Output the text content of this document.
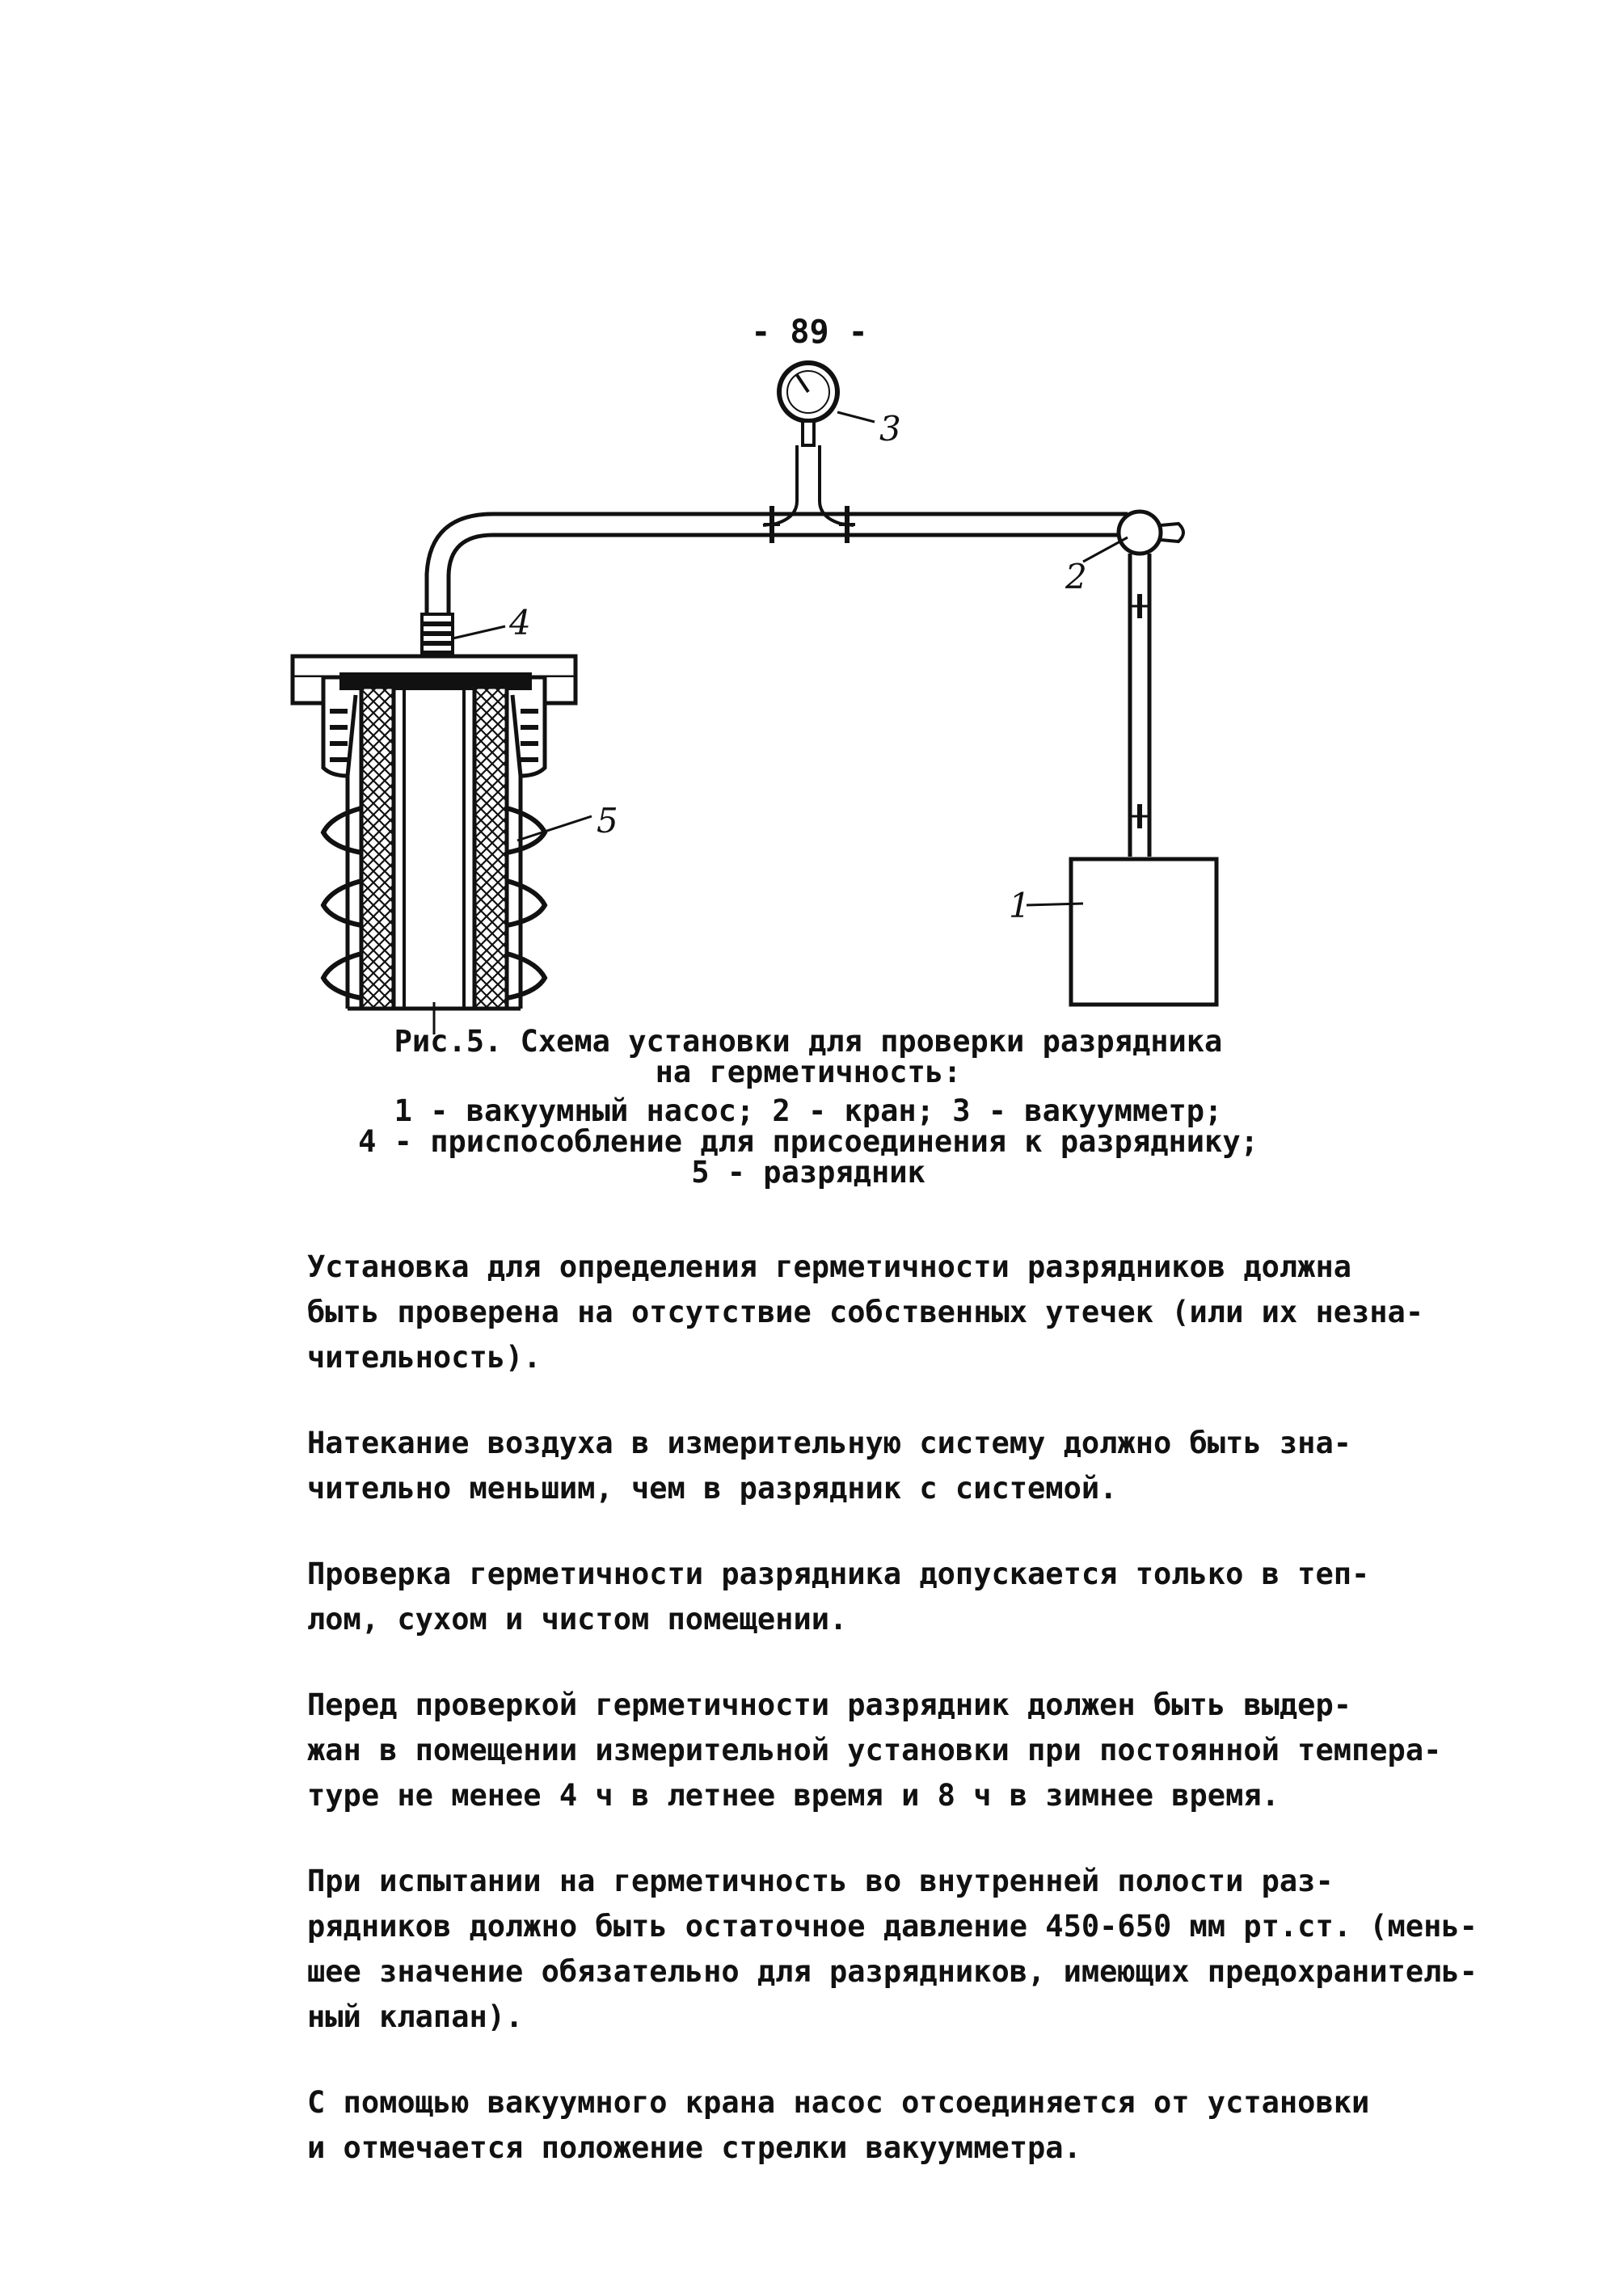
- 89 -
3
2
4
5
1
Рис.5. Схема установки для проверки разрядника
на герметичность:
1 - вакуумный насос; 2 - кран; 3 - вакуумметр;
4 - приспособление для присоединения к разряднику;
5 - разрядник

Установка для определения герметичности разрядников должна
быть проверена на отсутствие собственных утечек (или их незна-
чительность).

Натекание воздуха в измерительную систему должно быть зна-
чительно меньшим, чем в разрядник с системой.

Проверка герметичности разрядника допускается только в теп-
лом, сухом и чистом помещении.

Перед проверкой герметичности разрядник должен быть выдер-
жан в помещении измерительной установки при постоянной темпера-
туре не менее 4 ч в летнее время и 8 ч в зимнее время.

При испытании на герметичность во внутренней полости раз-
рядников должно быть остаточное давление 450-650 мм рт.ст. (мень-
шее значение обязательно для разрядников, имеющих предохранитель-
ный клапан).

С помощью вакуумного крана насос отсоединяется от установки
и отмечается положение стрелки вакуумметра.
